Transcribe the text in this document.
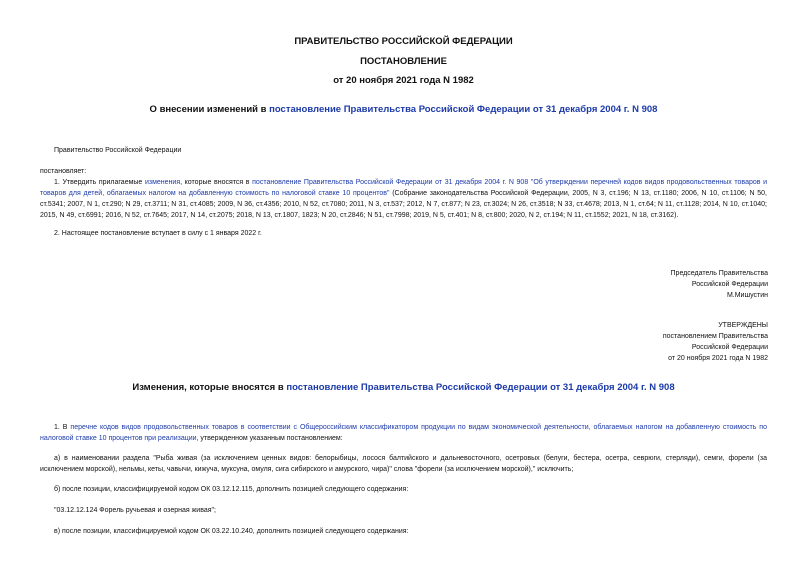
ПРАВИТЕЛЬСТВО РОССИЙСКОЙ ФЕДЕРАЦИИ
ПОСТАНОВЛЕНИЕ
от 20 ноября 2021 года N 1982
О внесении изменений в постановление Правительства Российской Федерации от 31 декабря 2004 г. N 908
Правительство Российской Федерации
постановляет:
1. Утвердить прилагаемые изменения, которые вносятся в постановление Правительства Российской Федерации от 31 декабря 2004 г. N 908 "Об утверждении перечней кодов видов продовольственных товаров и товаров для детей, облагаемых налогом на добавленную стоимость по налоговой ставке 10 процентов" (Собрание законодательства Российской Федерации, 2005, N 3, ст.196; N 13, ст.1180; 2006, N 10, ст.1106; N 50, ст.5341; 2007, N 1, ст.290; N 29, ст.3711; N 31, ст.4085; 2009, N 36, ст.4356; 2010, N 52, ст.7080; 2011, N 3, ст.537; 2012, N 7, ст.877; N 23, ст.3024; N 26, ст.3518; N 33, ст.4678; 2013, N 1, ст.64; N 11, ст.1128; 2014, N 10, ст.1040; 2015, N 49, ст.6991; 2016, N 52, ст.7645; 2017, N 14, ст.2075; 2018, N 13, ст.1807, 1823; N 20, ст.2846; N 51, ст.7998; 2019, N 5, ст.401; N 8, ст.800; 2020, N 2, ст.194; N 11, ст.1552; 2021, N 18, ст.3162).
2. Настоящее постановление вступает в силу с 1 января 2022 г.
Председатель Правительства
Российской Федерации
М.Мишустин
УТВЕРЖДЕНЫ
постановлением Правительства
Российской Федерации
от 20 ноября 2021 года N 1982
Изменения, которые вносятся в постановление Правительства Российской Федерации от 31 декабря 2004 г. N 908
1. В перечне кодов видов продовольственных товаров в соответствии с Общероссийским классификатором продукции по видам экономической деятельности, облагаемых налогом на добавленную стоимость по налоговой ставке 10 процентов при реализации, утвержденном указанным постановлением:
а) в наименовании раздела "Рыба живая (за исключением ценных видов: белорыбицы, лосося балтийского и дальневосточного, осетровых (белуги, бестера, осетра, севрюги, стерляди), семги, форели (за исключением морской), нельмы, кеты, чавычи, кижуча, муксуна, омуля, сига сибирского и амурского, чира)" слова "форели (за исключением морской)," исключить;
б) после позиции, классифицируемой кодом ОК 03.12.12.115, дополнить позицией следующего содержания:
"03.12.12.124 Форель ручьевая и озерная живая";
в) после позиции, классифицируемой кодом ОК 03.22.10.240, дополнить позицией следующего содержания:
